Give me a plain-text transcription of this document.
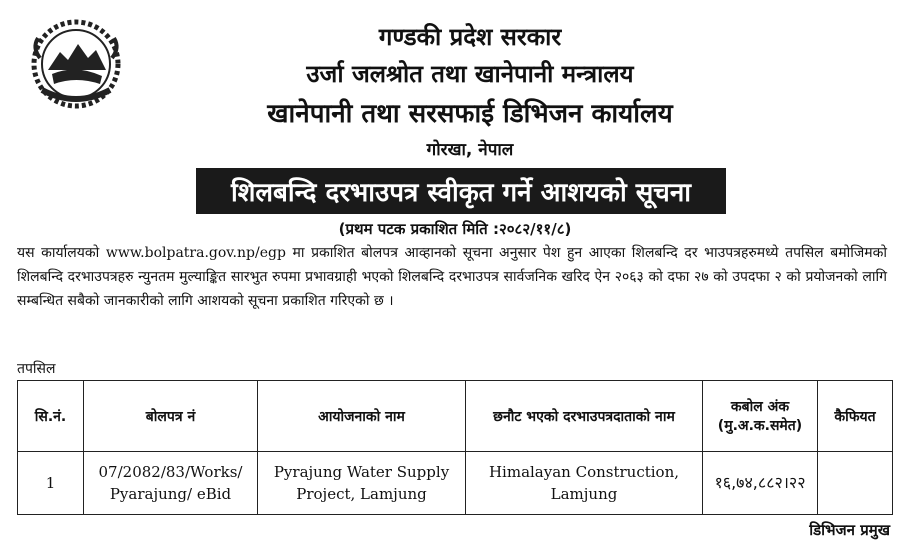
गण्डकी प्रदेश सरकार
उर्जा जलश्रोत तथा खानेपानी मन्त्रालय
खानेपानी तथा सरसफाई डिभिजन कार्यालय
गोरखा, नेपाल
शिलबन्दि दरभाउपत्र स्वीकृत गर्ने आशयको सूचना
(प्रथम पटक प्रकाशित मिति :२०८२/११/८)
यस कार्यालयको www.bolpatra.gov.np/egp मा प्रकाशित बोलपत्र आव्हानको सूचना अनुसार पेश हुन आएका शिलबन्दि दर भाउपत्रहरुमध्ये तपसिल बमोजिमको शिलबन्दि दरभाउपत्रहरु न्युनतम मुल्याङ्कित सारभुत रुपमा प्रभावग्राही भएको शिलबन्दि दरभाउपत्र सार्वजनिक खरिद ऐन २०६३ को दफा २७ को उपदफा २ को प्रयोजनको लागि सम्बन्धित सबैको जानकारीको लागि आशयको सूचना प्रकाशित गरिएको छ ।
तपसिल
सि.नं.	बोलपत्र नं	आयोजनाको नाम	छनौट भएको दरभाउपत्रदाताको नाम	कबोल अंक (मु.अ.क.समेत)	कैफियत
1	07/2082/83/Works/ Pyarajung/ eBid	Pyrajung Water Supply Project, Lamjung	Himalayan Construction, Lamjung	१६,७४,८८२।२२	
डिभिजन प्रमुख
